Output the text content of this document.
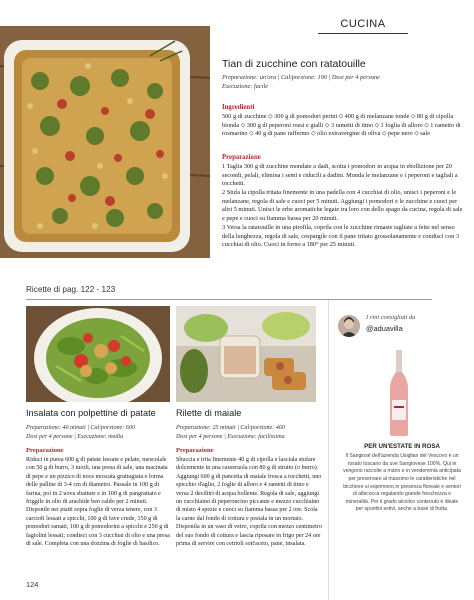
CUCINA
Tian di zucchine con ratatouille
Preparazione: un'ora | Cal/porzione: 190 | Dosi per 4 persone
Esecuzione: facile
Ingredienti
500 g di zucchine ⬦ 300 g di pomodori perini ⬦ 400 g di melanzane tonde ⬦ 80 g di cipolla bionda ⬦ 300 g di peperoni rossi e gialli ⬦ 3 rametti di timo ⬦ 1 foglia di alloro ⬦ 1 rametto di rosmarino ⬦ 40 g di pane raffermo ⬦ olio extravergine di oliva ⬦ pepe nero ⬦ sale
Preparazione

1 Taglia 300 g di zucchine mondate a dadi, scotta i pomodori in acqua in ebollizione per 20 secondi, pelali, elimina i semi e riducili a dadini. Monda le melanzane e i peperoni e tagliali a tocchetti.

2 Stufa la cipolla tritata finemente in una padella con 4 cucchiai di olio, unisci i peperoni e le melanzane, regola di sale e cuoci per 5 minuti. Aggiungi i pomodori e le zucchine e cuoci per altri 5 minuti. Unisci le erbe aromatiche legate tra loro con dello spago da cucina, regola di sale e pepe e cuoci su fiamma bassa per 20 minuti.

3 Versa la ratatouille in una pirofila, coprila con le zucchine rimaste tagliate a fette nel senso della lunghezza, regola di sale, cospargile con il pane tritato grossolanamente e condisci con 3 cucchiai di olio. Cuoci in forno a 180° per 25 minuti.

Ricette di pag. 122 - 123
Insalata con polpettine di patate
Preparazione: 40 minuti | Cal/porzione: 600
Dosi per 4 persone | Esecuzione: media
Preparazione
Riduci in purea 600 g di patate lessate e pelate, mescolale con 50 g di burro, 3 tuorli, una presa di sale, una macinata di pepe e un pizzico di noce moscata grattugiata e forma delle palline di 3-4 cm di diametro. Passale in 100 g di farina, poi in 2 uova sbattute e in 100 g di pangrattato e friggile in olio di arachide ben caldo per 2 minuti. Disponile nei piatti sopra foglie di verza tenere, con 3 carciofi lessati a spicchi, 100 g di fave crude, 150 g di pomodori ramati, 100 g di pomodorini a spicchi e 250 g di fagiolini lessati; condisci con 3 cucchiai di olio e una presa di sale. Completa con una dozzina di foglie di basilico.
Rilette di maiale
Preparazione: 25 minuti | Cal/porzione: 460
Dosi per 4 persone | Esecuzione: facilissima
Preparazione
Sbuccia e trita finemente 40 g di cipolla e lasciala stufare dolcemente in una casseruola con 80 g di strutto (o burro). Aggiungi 600 g di pancetta di maiale fresca a tocchetti, uno spicchio d'aglio, 2 foglie di alloro e 4 rametti di timo e versa 2 decilitri di acqua bollente. Regola di sale, aggiungi un cucchiaino di peperoncino piccante e mezzo cucchiaino di misto 4 spezie e cuoci su fiamma bassa per 2 ore. Scola la carne dal fondo di cottura e pestala in un mortaio. Disponila in un vaso di vetro, coprila con mezzo centimetro del suo fondo di cottura e lascia riposare in frigo per 24 ore prima di servire con cetrioli sott'aceto, pane, insalata.
I vini consigliati da
@aduavilla
PER UN'ESTATE IN ROSA
Il Sangiosé dell'azienda Usiglian del Vescovo è un rosato toscano da uve Sangiovese 100%. Qui le vengono raccolte a mano e in vendemmia anticipata per preservare al massimo le caratteristiche nel bicchiere si esprimono in presenza floreale e sentori di albicocca regalando grande freschezza e mineralità. Per il grado alcolico contenuto è ideale per spuntini estivi, anche a base di frutta.
124
